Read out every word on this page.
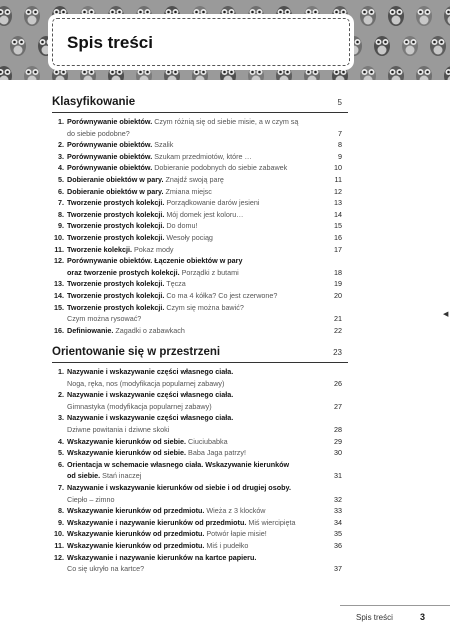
Spis treści
Klasyfikowanie	5
1. Porównywanie obiektów. Czym różnią się od siebie misie, a w czym są
do siebie podobne?	7
2. Porównywanie obiektów. Szalik	8
3. Porównywanie obiektów. Szukam przedmiotów, które …	9
4. Porównywanie obiektów. Dobieranie podobnych do siebie zabawek	10
5. Dobieranie obiektów w pary. Znajdź swoją parę	11
6. Dobieranie obiektów w pary. Zmiana miejsc	12
7. Tworzenie prostych kolekcji. Porządkowanie darów jesieni	13
8. Tworzenie prostych kolekcji. Mój domek jest koloru…	14
9. Tworzenie prostych kolekcji. Do domu!	15
10. Tworzenie prostych kolekcji. Wesoły pociąg	16
11. Tworzenie kolekcji. Pokaz mody	17
12. Porównywanie obiektów. Łączenie obiektów w pary
oraz tworzenie prostych kolekcji. Porządki z butami	18
13. Tworzenie prostych kolekcji. Tęcza	19
14. Tworzenie prostych kolekcji. Co ma 4 kółka? Co jest czerwone?	20
15. Tworzenie prostych kolekcji. Czym się można bawić?
Czym można rysować?	21
16. Definiowanie. Zagadki o zabawkach	22
Orientowanie się w przestrzeni	23
1. Nazywanie i wskazywanie części własnego ciała.
Noga, ręka, nos (modyfikacja popularnej zabawy)	26
2. Nazywanie i wskazywanie części własnego ciała.
Gimnastyka (modyfikacja popularnej zabawy)	27
3. Nazywanie i wskazywanie części własnego ciała.
Dziwne powitania i dziwne skoki	28
4. Wskazywanie kierunków od siebie. Ciuciubabka	29
5. Wskazywanie kierunków od siebie. Baba Jaga patrzy!	30
6. Orientacja w schemacie własnego ciała. Wskazywanie kierunków
od siebie. Stań inaczej	31
7. Nazywanie i wskazywanie kierunków od siebie i od drugiej osoby.
Ciepło – zimno	32
8. Wskazywanie kierunków od przedmiotu. Wieża z 3 klocków	33
9. Wskazywanie i nazywanie kierunków od przedmiotu. Miś wiercipięta	34
10. Wskazywanie kierunków od przedmiotu. Potwór łapie misie!	35
11. Wskazywanie kierunków od przedmiotu. Miś i pudełko	36
12. Wskazywanie i nazywanie kierunków na kartce papieru.
Co się ukryło na kartce?	37
◀
Spis treści	3
